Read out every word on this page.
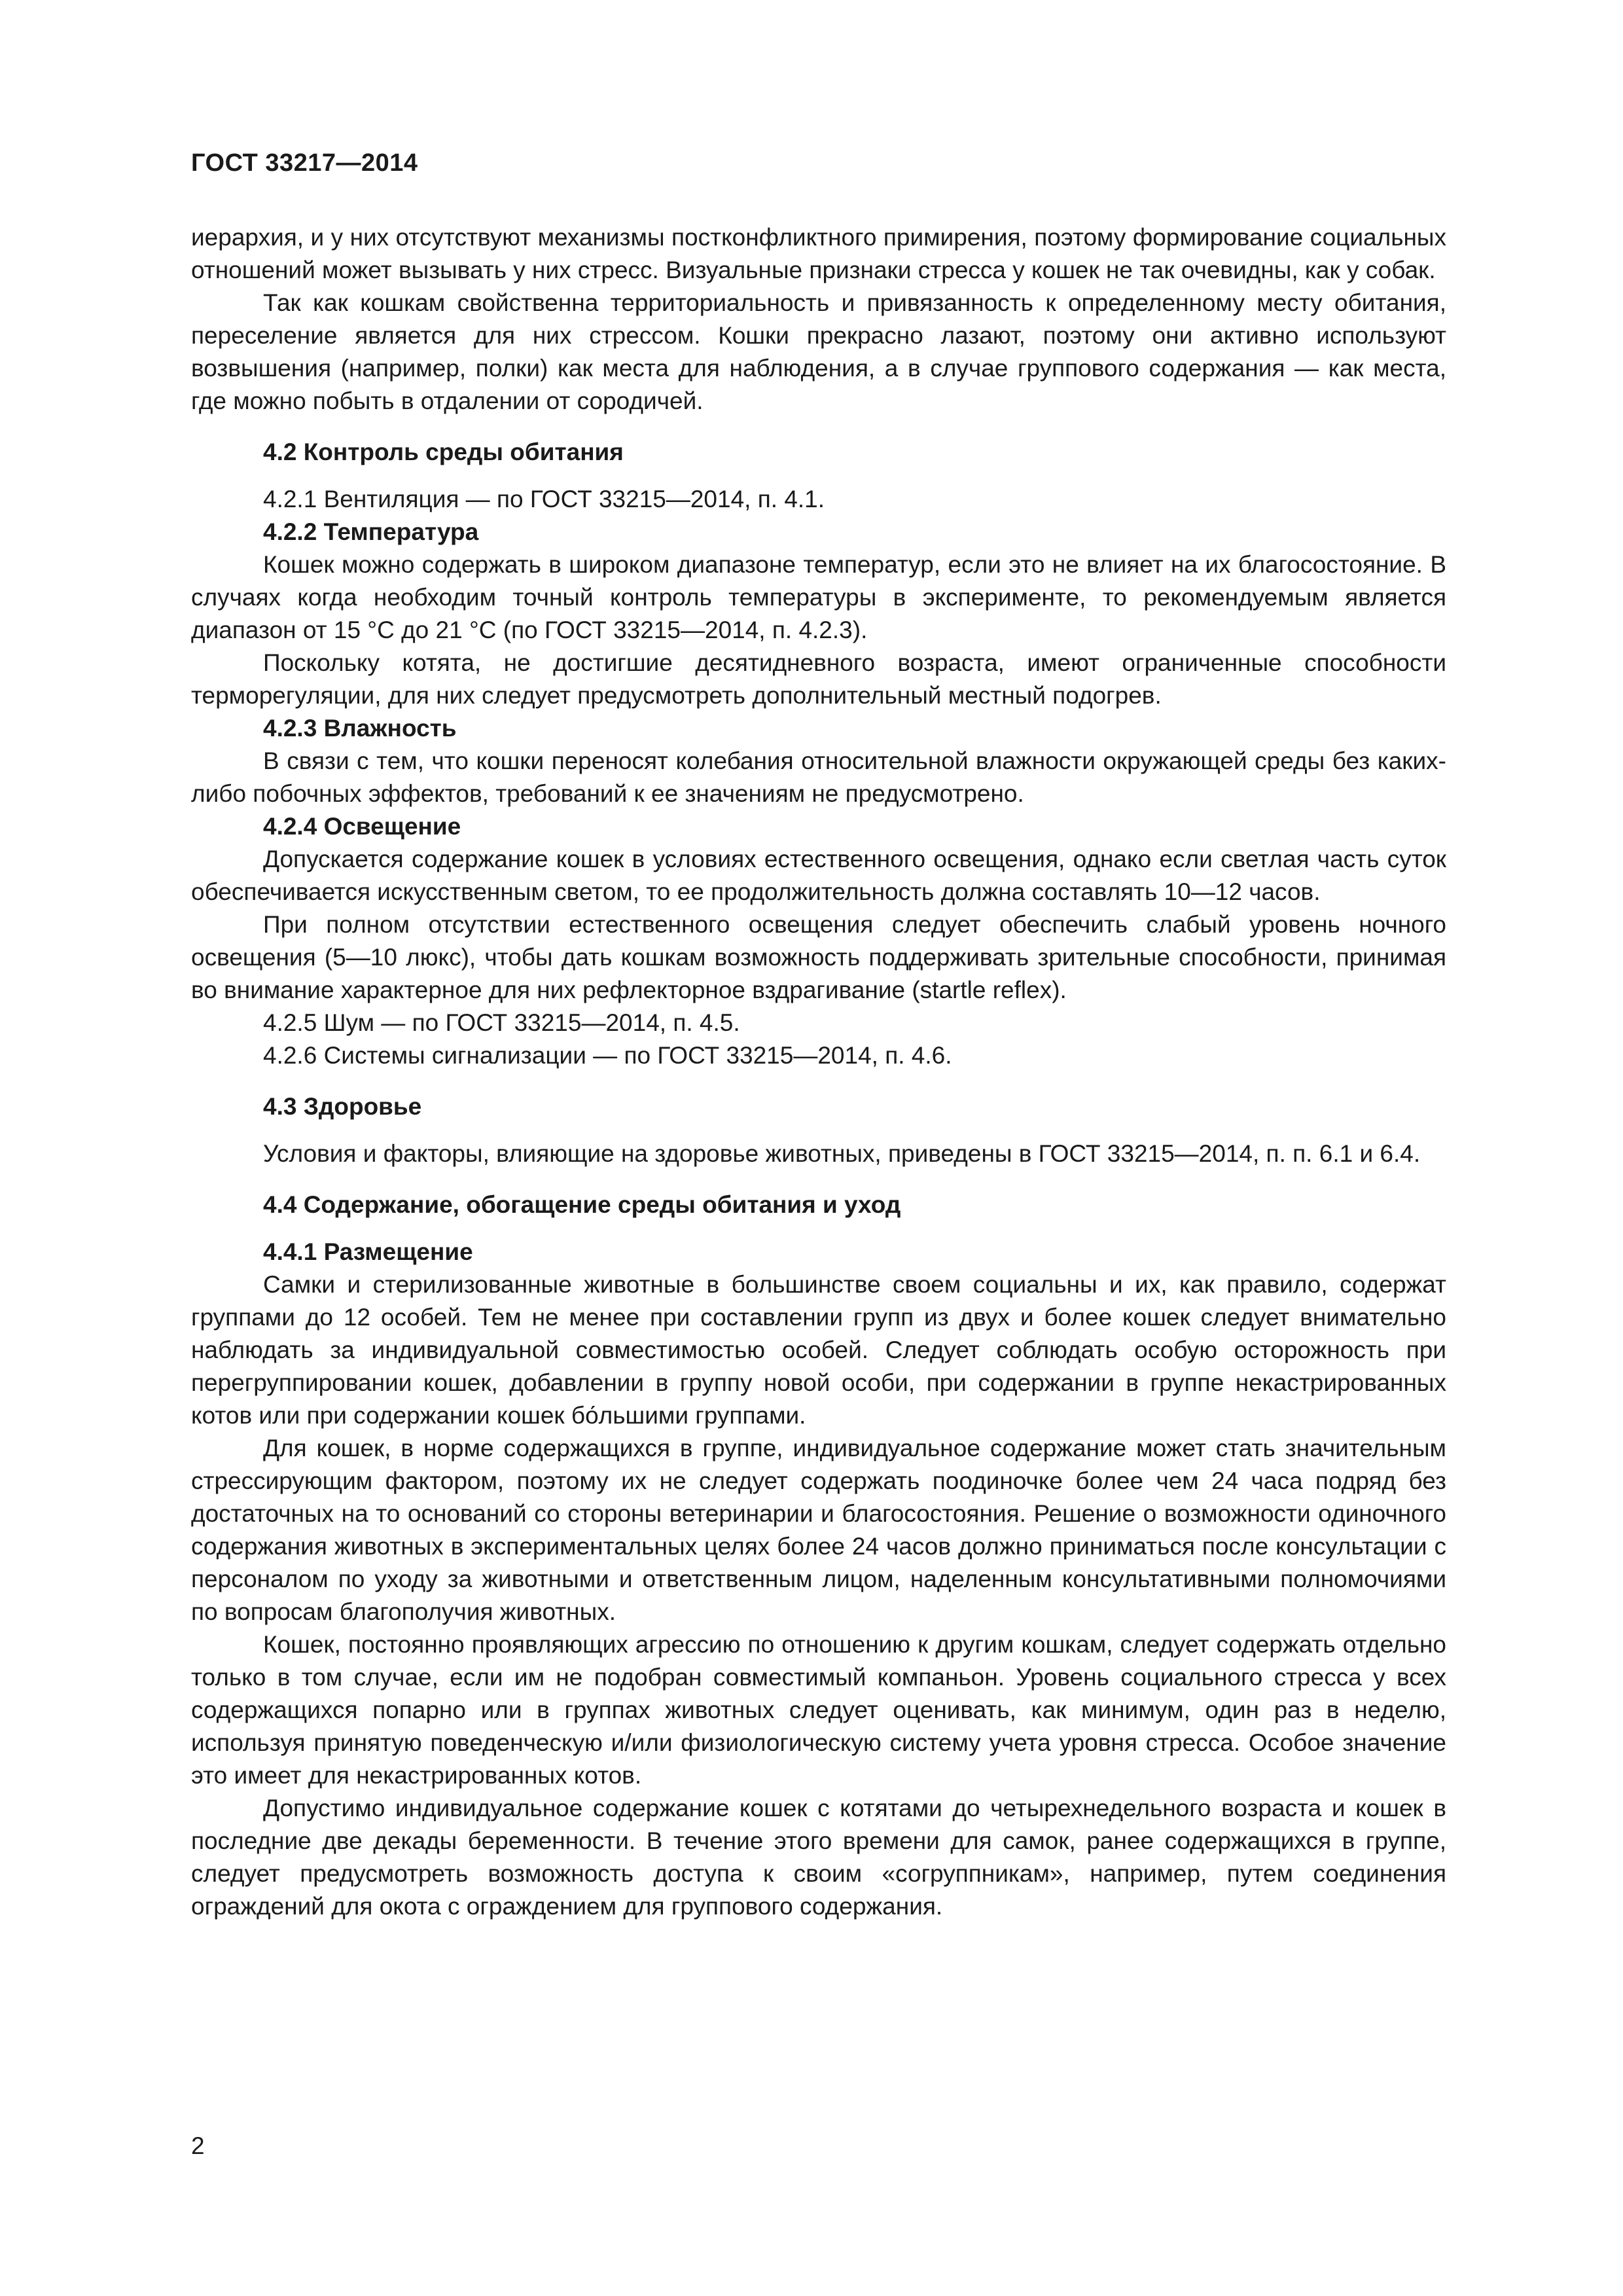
ГОСТ 33217—2014

иерархия, и у них отсутствуют механизмы постконфликтного примирения, поэтому формирование социальных отношений может вызывать у них стресс. Визуальные признаки стресса у кошек не так очевидны, как у собак.

Так как кошкам свойственна территориальность и привязанность к определенному месту обитания, переселение является для них стрессом. Кошки прекрасно лазают, поэтому они активно используют возвышения (например, полки) как места для наблюдения, а в случае группового содержания — как места, где можно побыть в отдалении от сородичей.

4.2 Контроль среды обитания

4.2.1 Вентиляция — по ГОСТ 33215—2014, п. 4.1.

4.2.2 Температура

Кошек можно содержать в широком диапазоне температур, если это не влияет на их благосостояние. В случаях когда необходим точный контроль температуры в эксперименте, то рекомендуемым является диапазон от 15 °С до 21 °С (по ГОСТ 33215—2014, п. 4.2.3).

Поскольку котята, не достигшие десятидневного возраста, имеют ограниченные способности терморегуляции, для них следует предусмотреть дополнительный местный подогрев.

4.2.3 Влажность

В связи с тем, что кошки переносят колебания относительной влажности окружающей среды без каких-либо побочных эффектов, требований к ее значениям не предусмотрено.

4.2.4 Освещение

Допускается содержание кошек в условиях естественного освещения, однако если светлая часть суток обеспечивается искусственным светом, то ее продолжительность должна составлять 10—12 часов.

При полном отсутствии естественного освещения следует обеспечить слабый уровень ночного освещения (5—10 люкс), чтобы дать кошкам возможность поддерживать зрительные способности, принимая во внимание характерное для них рефлекторное вздрагивание (startle reflex).

4.2.5 Шум — по ГОСТ 33215—2014, п. 4.5.

4.2.6 Системы сигнализации — по ГОСТ 33215—2014, п. 4.6.

4.3 Здоровье

Условия и факторы, влияющие на здоровье животных, приведены в ГОСТ 33215—2014, п. п. 6.1 и 6.4.

4.4 Содержание, обогащение среды обитания и уход
4.4.1 Размещение

Самки и стерилизованные животные в большинстве своем социальны и их, как правило, содержат группами до 12 особей. Тем не менее при составлении групп из двух и более кошек следует внимательно наблюдать за индивидуальной совместимостью особей. Следует соблюдать особую осторожность при перегруппировании кошек, добавлении в группу новой особи, при содержании в группе некастрированных котов или при содержании кошек бо́льшими группами.

Для кошек, в норме содержащихся в группе, индивидуальное содержание может стать значительным стрессирующим фактором, поэтому их не следует содержать поодиночке более чем 24 часа подряд без достаточных на то оснований со стороны ветеринарии и благосостояния. Решение о возможности одиночного содержания животных в экспериментальных целях более 24 часов должно приниматься после консультации с персоналом по уходу за животными и ответственным лицом, наделенным консультативными полномочиями по вопросам благополучия животных.

Кошек, постоянно проявляющих агрессию по отношению к другим кошкам, следует содержать отдельно только в том случае, если им не подобран совместимый компаньон. Уровень социального стресса у всех содержащихся попарно или в группах животных следует оценивать, как минимум, один раз в неделю, используя принятую поведенческую и/или физиологическую систему учета уровня стресса. Особое значение это имеет для некастрированных котов.

Допустимо индивидуальное содержание кошек с котятами до четырехнедельного возраста и кошек в последние две декады беременности. В течение этого времени для самок, ранее содержащихся в группе, следует предусмотреть возможность доступа к своим «согруппникам», например, путем соединения ограждений для окота с ограждением для группового содержания.

2
